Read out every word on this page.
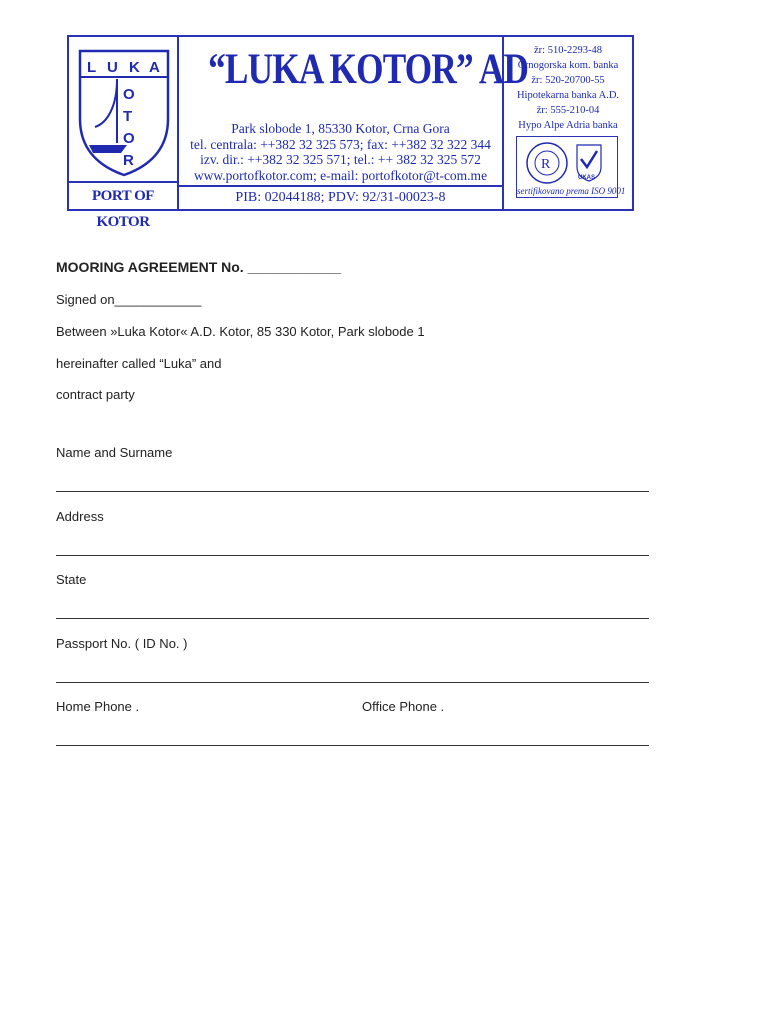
L U K A
O
T
O
R
PORT OF KOTOR
“LUKA KOTOR” AD
Park slobode 1, 85330 Kotor, Crna Gora
tel. centrala: ++382 32 325 573; fax: ++382 32 322 344
izv. dir.: ++382 32 325 571; tel.: ++ 382 32 325 572
www.portofkotor.com; e-mail: portofkotor@t-com.me
PIB: 02044188; PDV: 92/31-00023-8
žr: 510-2293-48
Crnogorska kom. banka
žr: 520-20700-55
Hipotekarna banka A.D.
žr: 555-210-04
Hypo Alpe Adria banka
R
UKAS
sertifikovano prema ISO 9001
MOORING AGREEMENT No. ____________
Signed on____________
Between »Luka Kotor« A.D. Kotor, 85 330 Kotor, Park slobode 1
hereinafter called “Luka” and
contract party
Name and Surname
Address
State
Passport No. ( ID No. )
Home Phone .	Office Phone .
